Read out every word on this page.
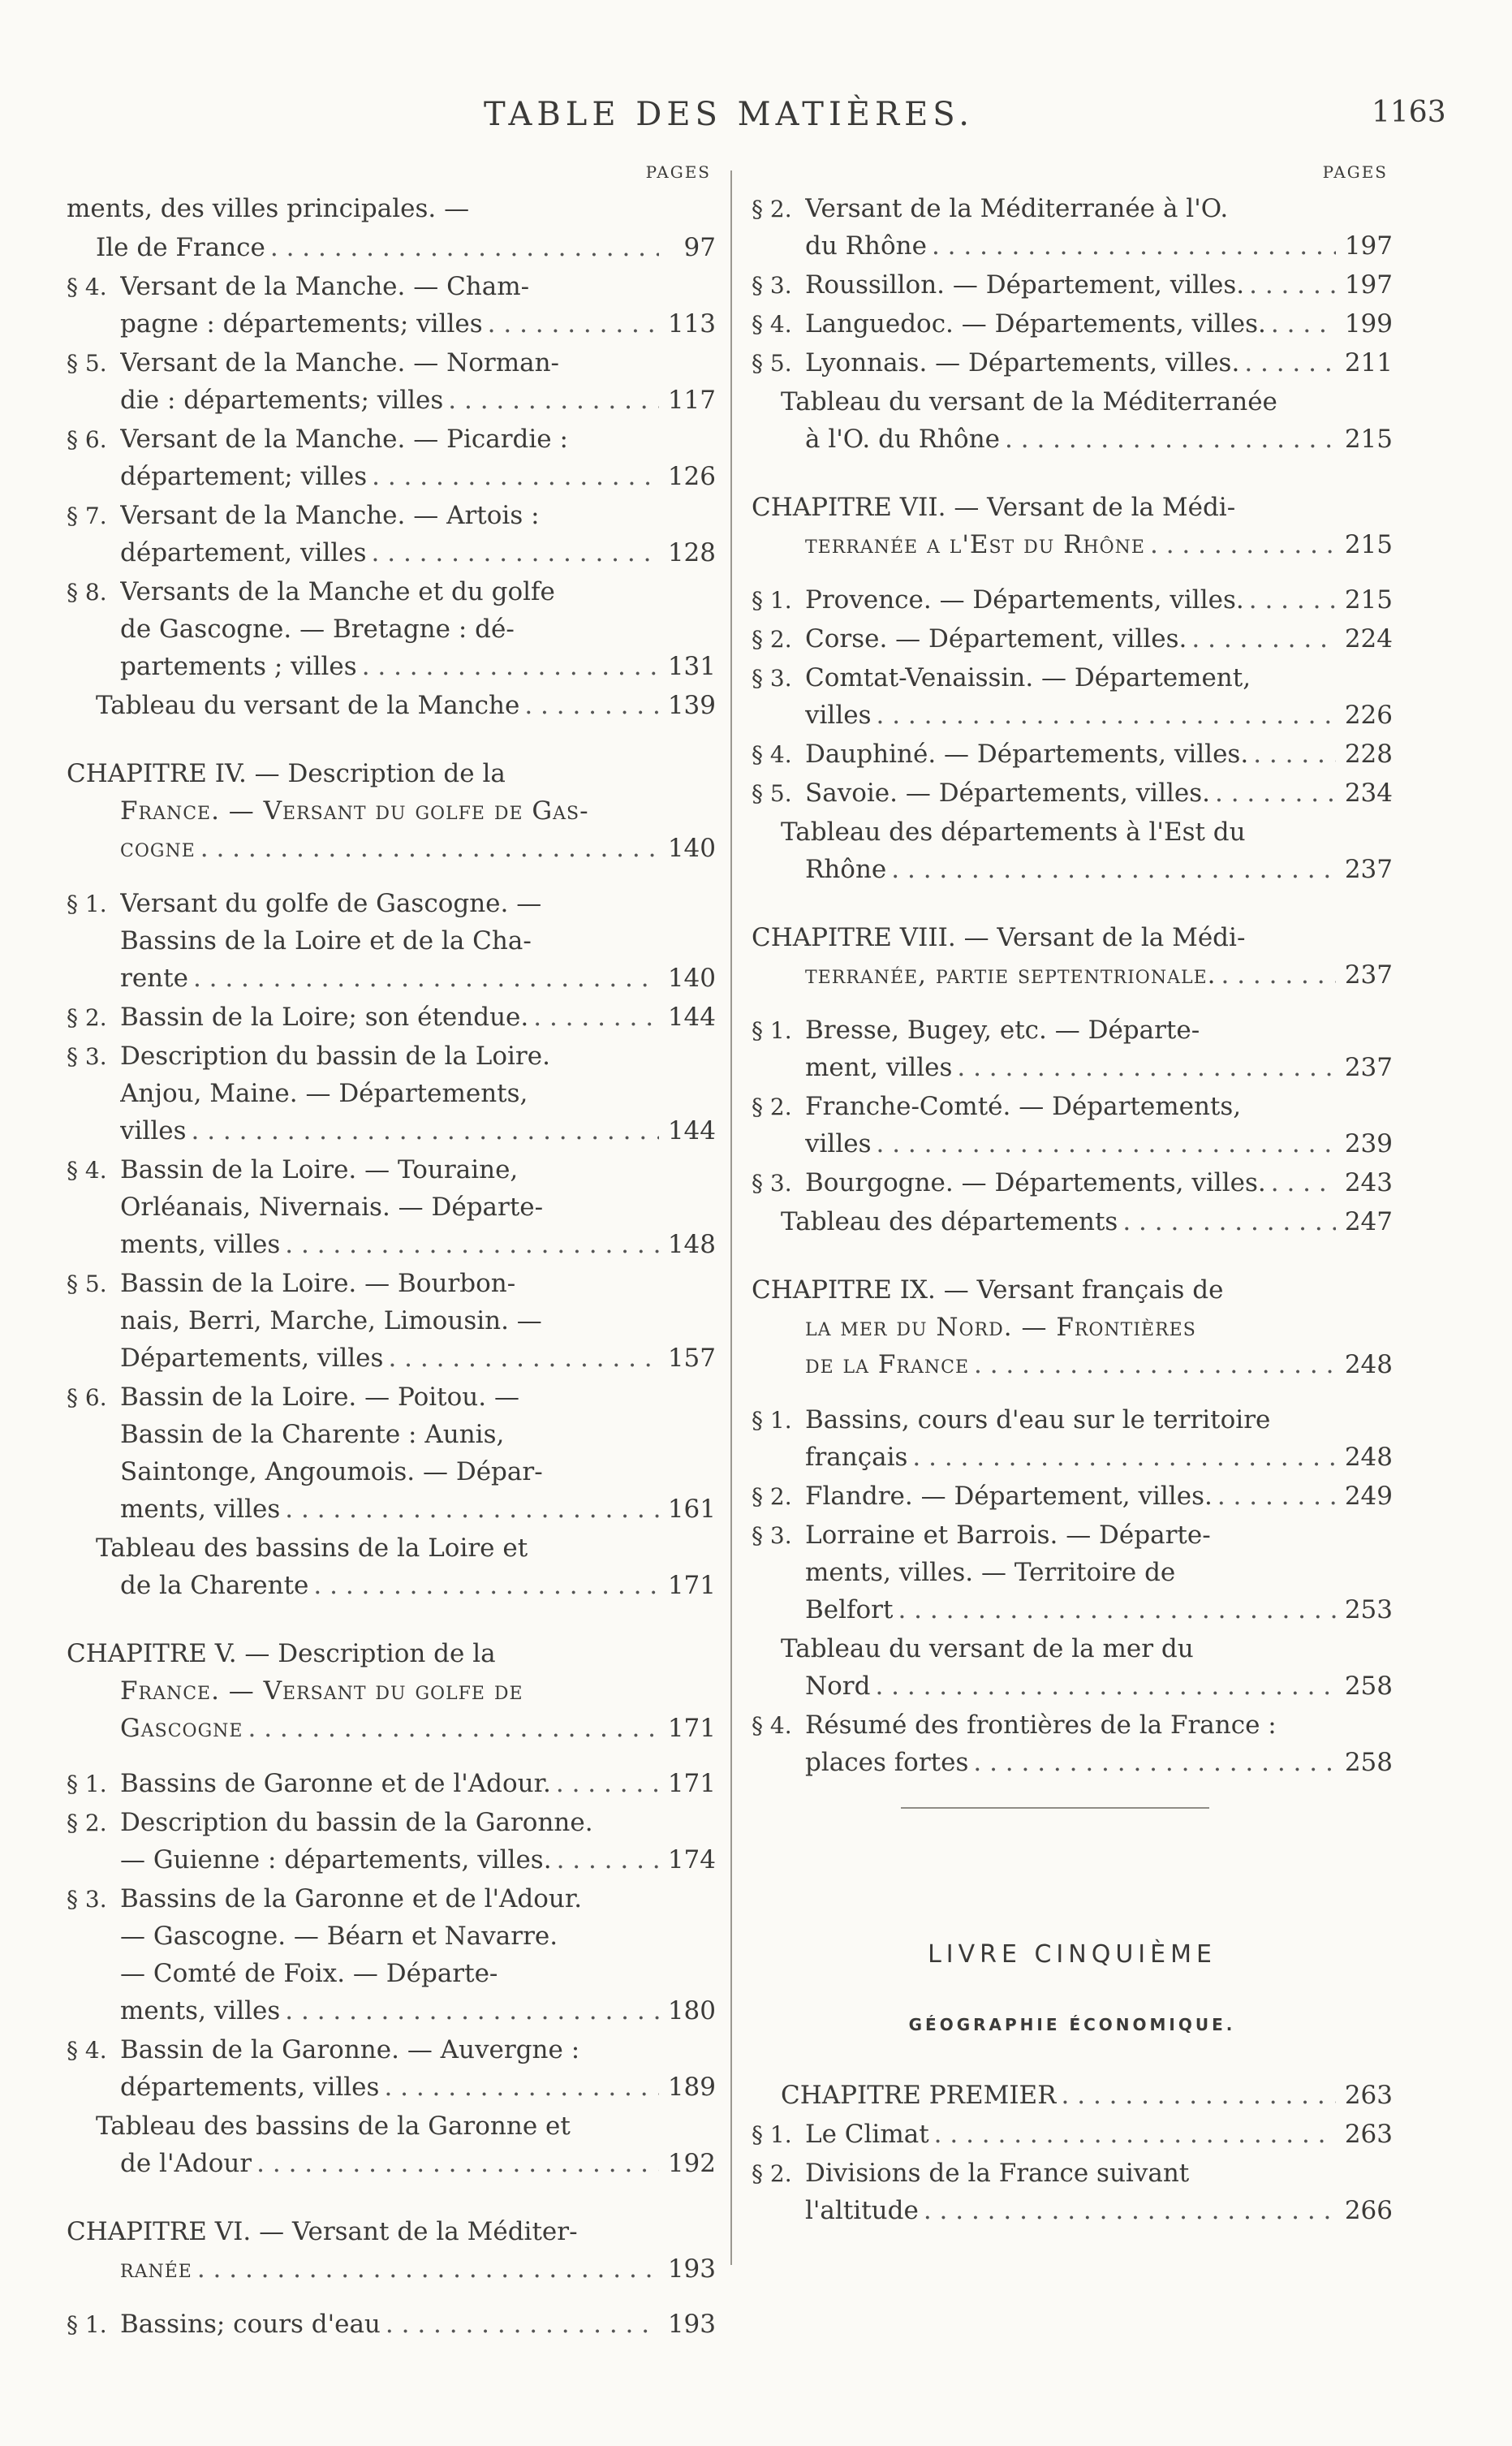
TABLE DES MATIÈRES.	1163
PAGES
ments, des villes principales. —
Ile de France . . .	97
§ 4. Versant de la Manche. — Cham-
pagne : départements; villes . . .	113
§ 5. Versant de la Manche. — Norman-
die : départements; villes . . .	117
§ 6. Versant de la Manche. — Picardie :
département; villes . . .	126
§ 7. Versant de la Manche. — Artois :
département, villes . . .	128
§ 8. Versants de la Manche et du golfe
de Gascogne. — Bretagne : dé-
partements ; villes . . .	131
Tableau du versant de la Manche . . .	139
CHAPITRE IV. — Description de la
France. — Versant du golfe de Gas-
cogne . . .	140
§ 1. Versant du golfe de Gascogne. —
Bassins de la Loire et de la Cha-
rente . . .	140
§ 2. Bassin de la Loire; son étendue. . . .	144
§ 3. Description du bassin de la Loire.
Anjou, Maine. — Départements,
villes . . .	144
§ 4. Bassin de la Loire. — Touraine,
Orléanais, Nivernais. — Départe-
ments, villes . . .	148
§ 5. Bassin de la Loire. — Bourbon-
nais, Berri, Marche, Limousin. —
Départements, villes . . .	157
§ 6. Bassin de la Loire. — Poitou. —
Bassin de la Charente : Aunis,
Saintonge, Angoumois. — Dépar-
ments, villes . . .	161
Tableau des bassins de la Loire et
de la Charente . . .	171
CHAPITRE V. — Description de la
France. — Versant du golfe de
Gascogne . . .	171
§ 1. Bassins de Garonne et de l'Adour. . . .	171
§ 2. Description du bassin de la Garonne.
— Guienne : départements, villes. . . .	174
§ 3. Bassins de la Garonne et de l'Adour.
— Gascogne. — Béarn et Navarre.
— Comté de Foix. — Départe-
ments, villes . . .	180
§ 4. Bassin de la Garonne. — Auvergne :
départements, villes . . .	189
Tableau des bassins de la Garonne et
de l'Adour . . .	192
CHAPITRE VI. — Versant de la Méditer-
ranée . . .	193
§ 1. Bassins; cours d'eau . . .	193
PAGES
§ 2. Versant de la Méditerranée à l'O.
du Rhône . . .	197
§ 3. Roussillon. — Département, villes. . . .	197
§ 4. Languedoc. — Départements, villes. . . .	199
§ 5. Lyonnais. — Départements, villes. . . .	211
Tableau du versant de la Méditerranée
à l'O. du Rhône . . .	215
CHAPITRE VII. — Versant de la Médi-
terranée a l'Est du Rhône . . .	215
§ 1. Provence. — Départements, villes. . . .	215
§ 2. Corse. — Département, villes. . . .	224
§ 3. Comtat-Venaissin. — Département,
villes . . .	226
§ 4. Dauphiné. — Départements, villes. . . .	228
§ 5. Savoie. — Départements, villes. . . .	234
Tableau des départements à l'Est du
Rhône . . .	237
CHAPITRE VIII. — Versant de la Médi-
terranée, partie septentrionale. . . .	237
§ 1. Bresse, Bugey, etc. — Départe-
ment, villes . . .	237
§ 2. Franche-Comté. — Départements,
villes . . .	239
§ 3. Bourgogne. — Départements, villes. . . .	243
Tableau des départements . . .	247
CHAPITRE IX. — Versant français de
la mer du Nord. — Frontières
de la France . . .	248
§ 1. Bassins, cours d'eau sur le territoire
français . . .	248
§ 2. Flandre. — Département, villes. . . .	249
§ 3. Lorraine et Barrois. — Départe-
ments, villes. — Territoire de
Belfort . . .	253
Tableau du versant de la mer du
Nord . . .	258
§ 4. Résumé des frontières de la France :
places fortes . . .	258
LIVRE CINQUIÈME
GÉOGRAPHIE ÉCONOMIQUE.
CHAPITRE PREMIER . . .	263
§ 1. Le Climat . . .	263
§ 2. Divisions de la France suivant
l'altitude . . .	266
